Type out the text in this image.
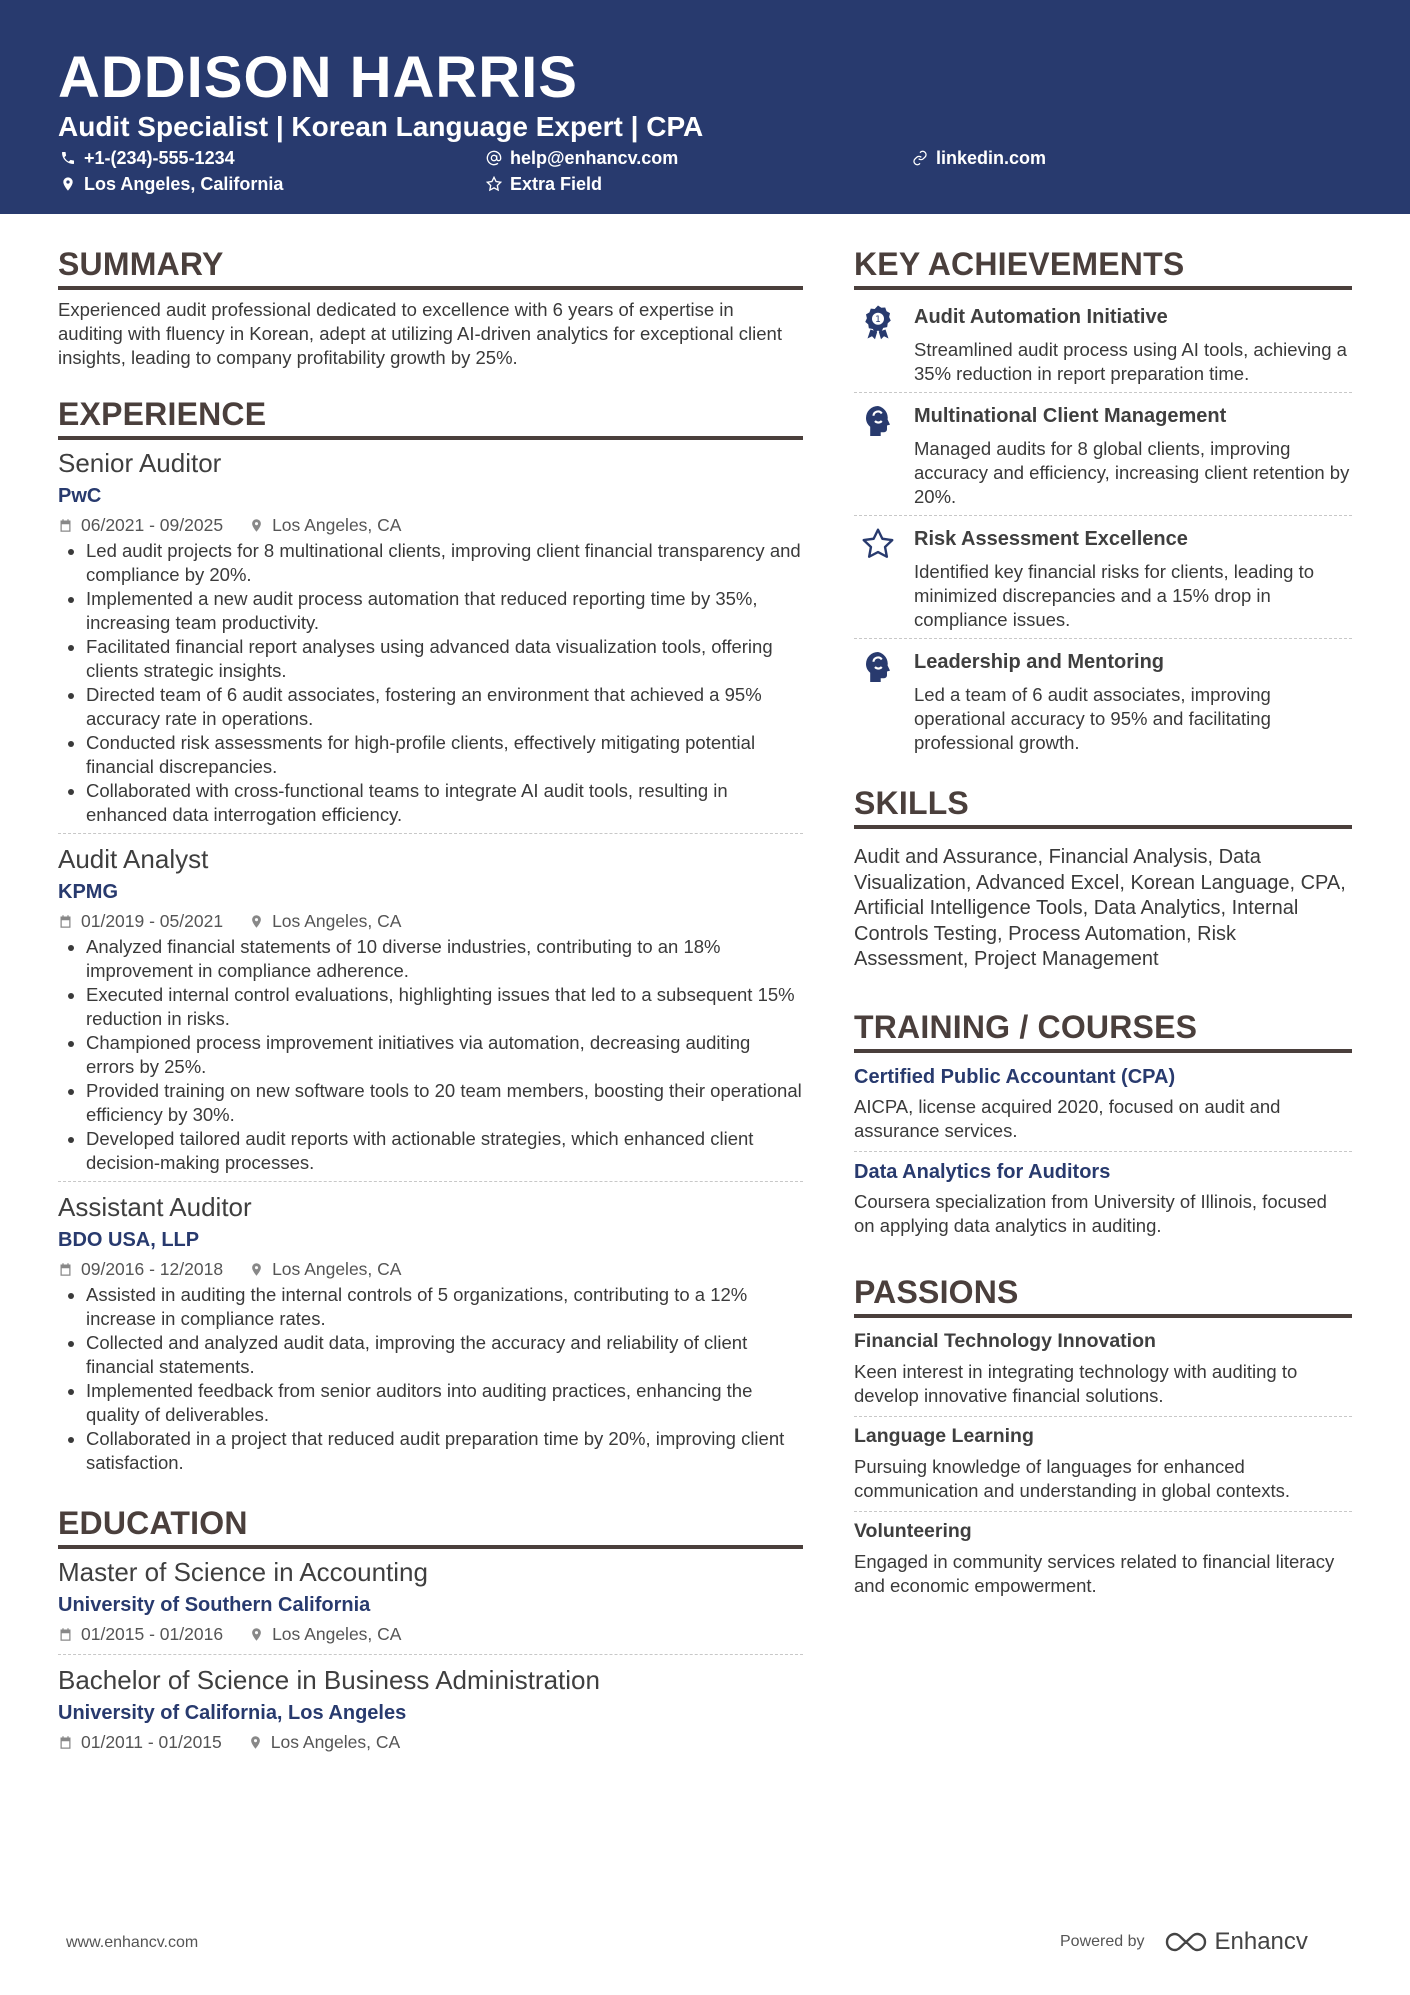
ADDISON HARRIS
Audit Specialist | Korean Language Expert | CPA
+1-(234)-555-1234	help@enhancv.com	linkedin.com
Los Angeles, California	Extra Field
SUMMARY
Experienced audit professional dedicated to excellence with 6 years of expertise in auditing with fluency in Korean, adept at utilizing AI-driven analytics for exceptional client insights, leading to company profitability growth by 25%.
EXPERIENCE
Senior Auditor
PwC
06/2021 - 09/2025	Los Angeles, CA
• Led audit projects for 8 multinational clients, improving client financial transparency and compliance by 20%.
• Implemented a new audit process automation that reduced reporting time by 35%, increasing team productivity.
• Facilitated financial report analyses using advanced data visualization tools, offering clients strategic insights.
• Directed team of 6 audit associates, fostering an environment that achieved a 95% accuracy rate in operations.
• Conducted risk assessments for high-profile clients, effectively mitigating potential financial discrepancies.
• Collaborated with cross-functional teams to integrate AI audit tools, resulting in enhanced data interrogation efficiency.
Audit Analyst
KPMG
01/2019 - 05/2021	Los Angeles, CA
• Analyzed financial statements of 10 diverse industries, contributing to an 18% improvement in compliance adherence.
• Executed internal control evaluations, highlighting issues that led to a subsequent 15% reduction in risks.
• Championed process improvement initiatives via automation, decreasing auditing errors by 25%.
• Provided training on new software tools to 20 team members, boosting their operational efficiency by 30%.
• Developed tailored audit reports with actionable strategies, which enhanced client decision-making processes.
Assistant Auditor
BDO USA, LLP
09/2016 - 12/2018	Los Angeles, CA
• Assisted in auditing the internal controls of 5 organizations, contributing to a 12% increase in compliance rates.
• Collected and analyzed audit data, improving the accuracy and reliability of client financial statements.
• Implemented feedback from senior auditors into auditing practices, enhancing the quality of deliverables.
• Collaborated in a project that reduced audit preparation time by 20%, improving client satisfaction.
EDUCATION
Master of Science in Accounting
University of Southern California
01/2015 - 01/2016	Los Angeles, CA
Bachelor of Science in Business Administration
University of California, Los Angeles
01/2011 - 01/2015	Los Angeles, CA
KEY ACHIEVEMENTS
1 Audit Automation Initiative
Streamlined audit process using AI tools, achieving a 35% reduction in report preparation time.
Multinational Client Management
Managed audits for 8 global clients, improving accuracy and efficiency, increasing client retention by 20%.
Risk Assessment Excellence
Identified key financial risks for clients, leading to minimized discrepancies and a 15% drop in compliance issues.
Leadership and Mentoring
Led a team of 6 audit associates, improving operational accuracy to 95% and facilitating professional growth.
SKILLS
Audit and Assurance, Financial Analysis, Data Visualization, Advanced Excel, Korean Language, CPA, Artificial Intelligence Tools, Data Analytics, Internal Controls Testing, Process Automation, Risk Assessment, Project Management
TRAINING / COURSES
Certified Public Accountant (CPA)
AICPA, license acquired 2020, focused on audit and assurance services.
Data Analytics for Auditors
Coursera specialization from University of Illinois, focused on applying data analytics in auditing.
PASSIONS
Financial Technology Innovation
Keen interest in integrating technology with auditing to develop innovative financial solutions.
Language Learning
Pursuing knowledge of languages for enhanced communication and understanding in global contexts.
Volunteering
Engaged in community services related to financial literacy and economic empowerment.
www.enhancv.com	Powered by	Enhancv
